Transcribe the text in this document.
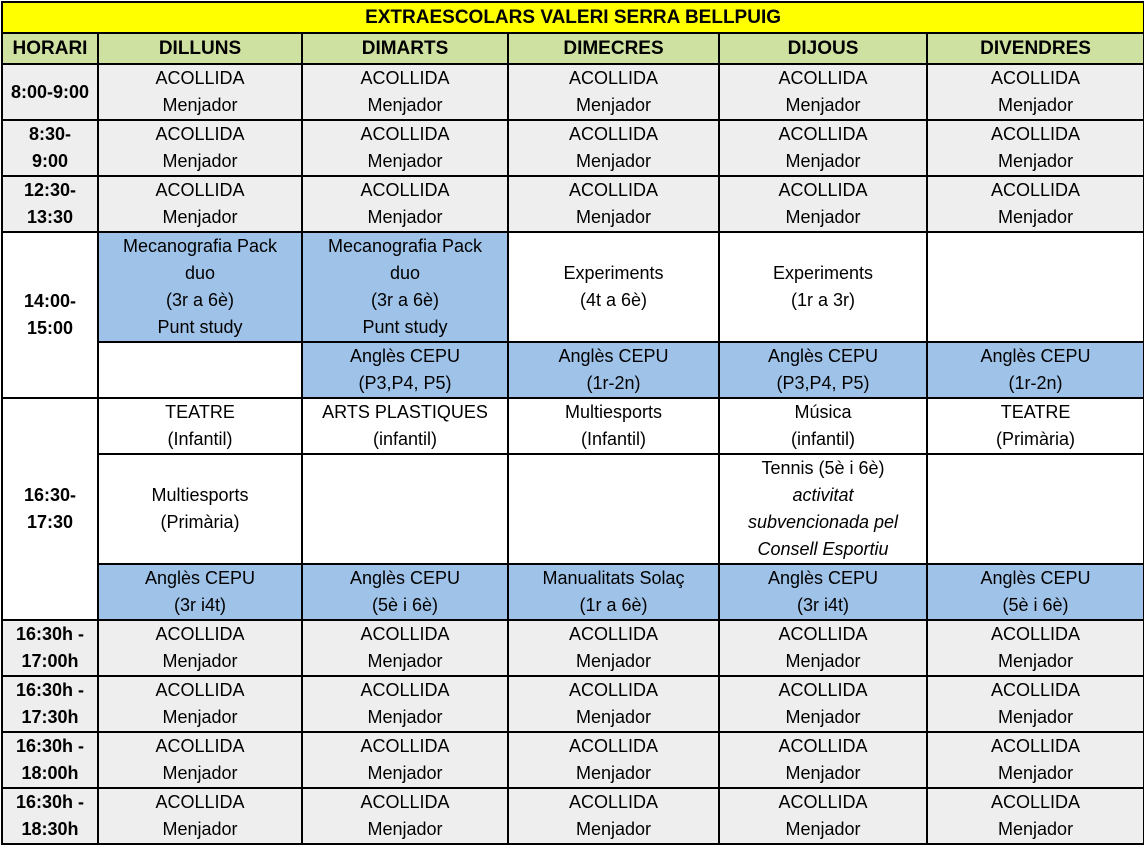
EXTRAESCOLARS VALERI SERRA BELLPUIG					
HORARI	DILLUNS	DIMARTS	DIMECRES	DIJOUS	DIVENDRES

8:00-9:00	ACOLLIDA
Menjador	ACOLLIDA
Menjador	ACOLLIDA
Menjador	ACOLLIDA
Menjador	ACOLLIDA
Menjador

8:30-
9:00	ACOLLIDA
Menjador	ACOLLIDA
Menjador	ACOLLIDA
Menjador	ACOLLIDA
Menjador	ACOLLIDA
Menjador

12:30-
13:30	ACOLLIDA
Menjador	ACOLLIDA
Menjador	ACOLLIDA
Menjador	ACOLLIDA
Menjador	ACOLLIDA
Menjador

14:00-
15:00	Mecanografia Pack
duo
(3r a 6è)
Punt study	Mecanografia Pack
duo
(3r a 6è)
Punt study	Experiments
(4t a 6è)	Experiments
(1r a 3r)	

		Anglès CEPU
(P3,P4, P5)	Anglès CEPU
(1r-2n)	Anglès CEPU
(P3,P4, P5)	Anglès CEPU
(1r-2n)

16:30-
17:30	TEATRE
(Infantil)	ARTS PLASTIQUES
(infantil)	Multiesports
(Infantil)	Música
(infantil)	TEATRE
(Primària)

	Multiesports
(Primària)			Tennis (5è i 6è)
activitat
subvencionada pel
Consell Esportiu	

	Anglès CEPU
(3r i4t)	Anglès CEPU
(5è i 6è)	Manualitats Solaç
(1r a 6è)	Anglès CEPU
(3r i4t)	Anglès CEPU
(5è i 6è)

16:30h -
17:00h	ACOLLIDA
Menjador	ACOLLIDA
Menjador	ACOLLIDA
Menjador	ACOLLIDA
Menjador	ACOLLIDA
Menjador

16:30h -
17:30h	ACOLLIDA
Menjador	ACOLLIDA
Menjador	ACOLLIDA
Menjador	ACOLLIDA
Menjador	ACOLLIDA
Menjador

16:30h -
18:00h	ACOLLIDA
Menjador	ACOLLIDA
Menjador	ACOLLIDA
Menjador	ACOLLIDA
Menjador	ACOLLIDA
Menjador

16:30h -
18:30h	ACOLLIDA
Menjador	ACOLLIDA
Menjador	ACOLLIDA
Menjador	ACOLLIDA
Menjador	ACOLLIDA
Menjador
